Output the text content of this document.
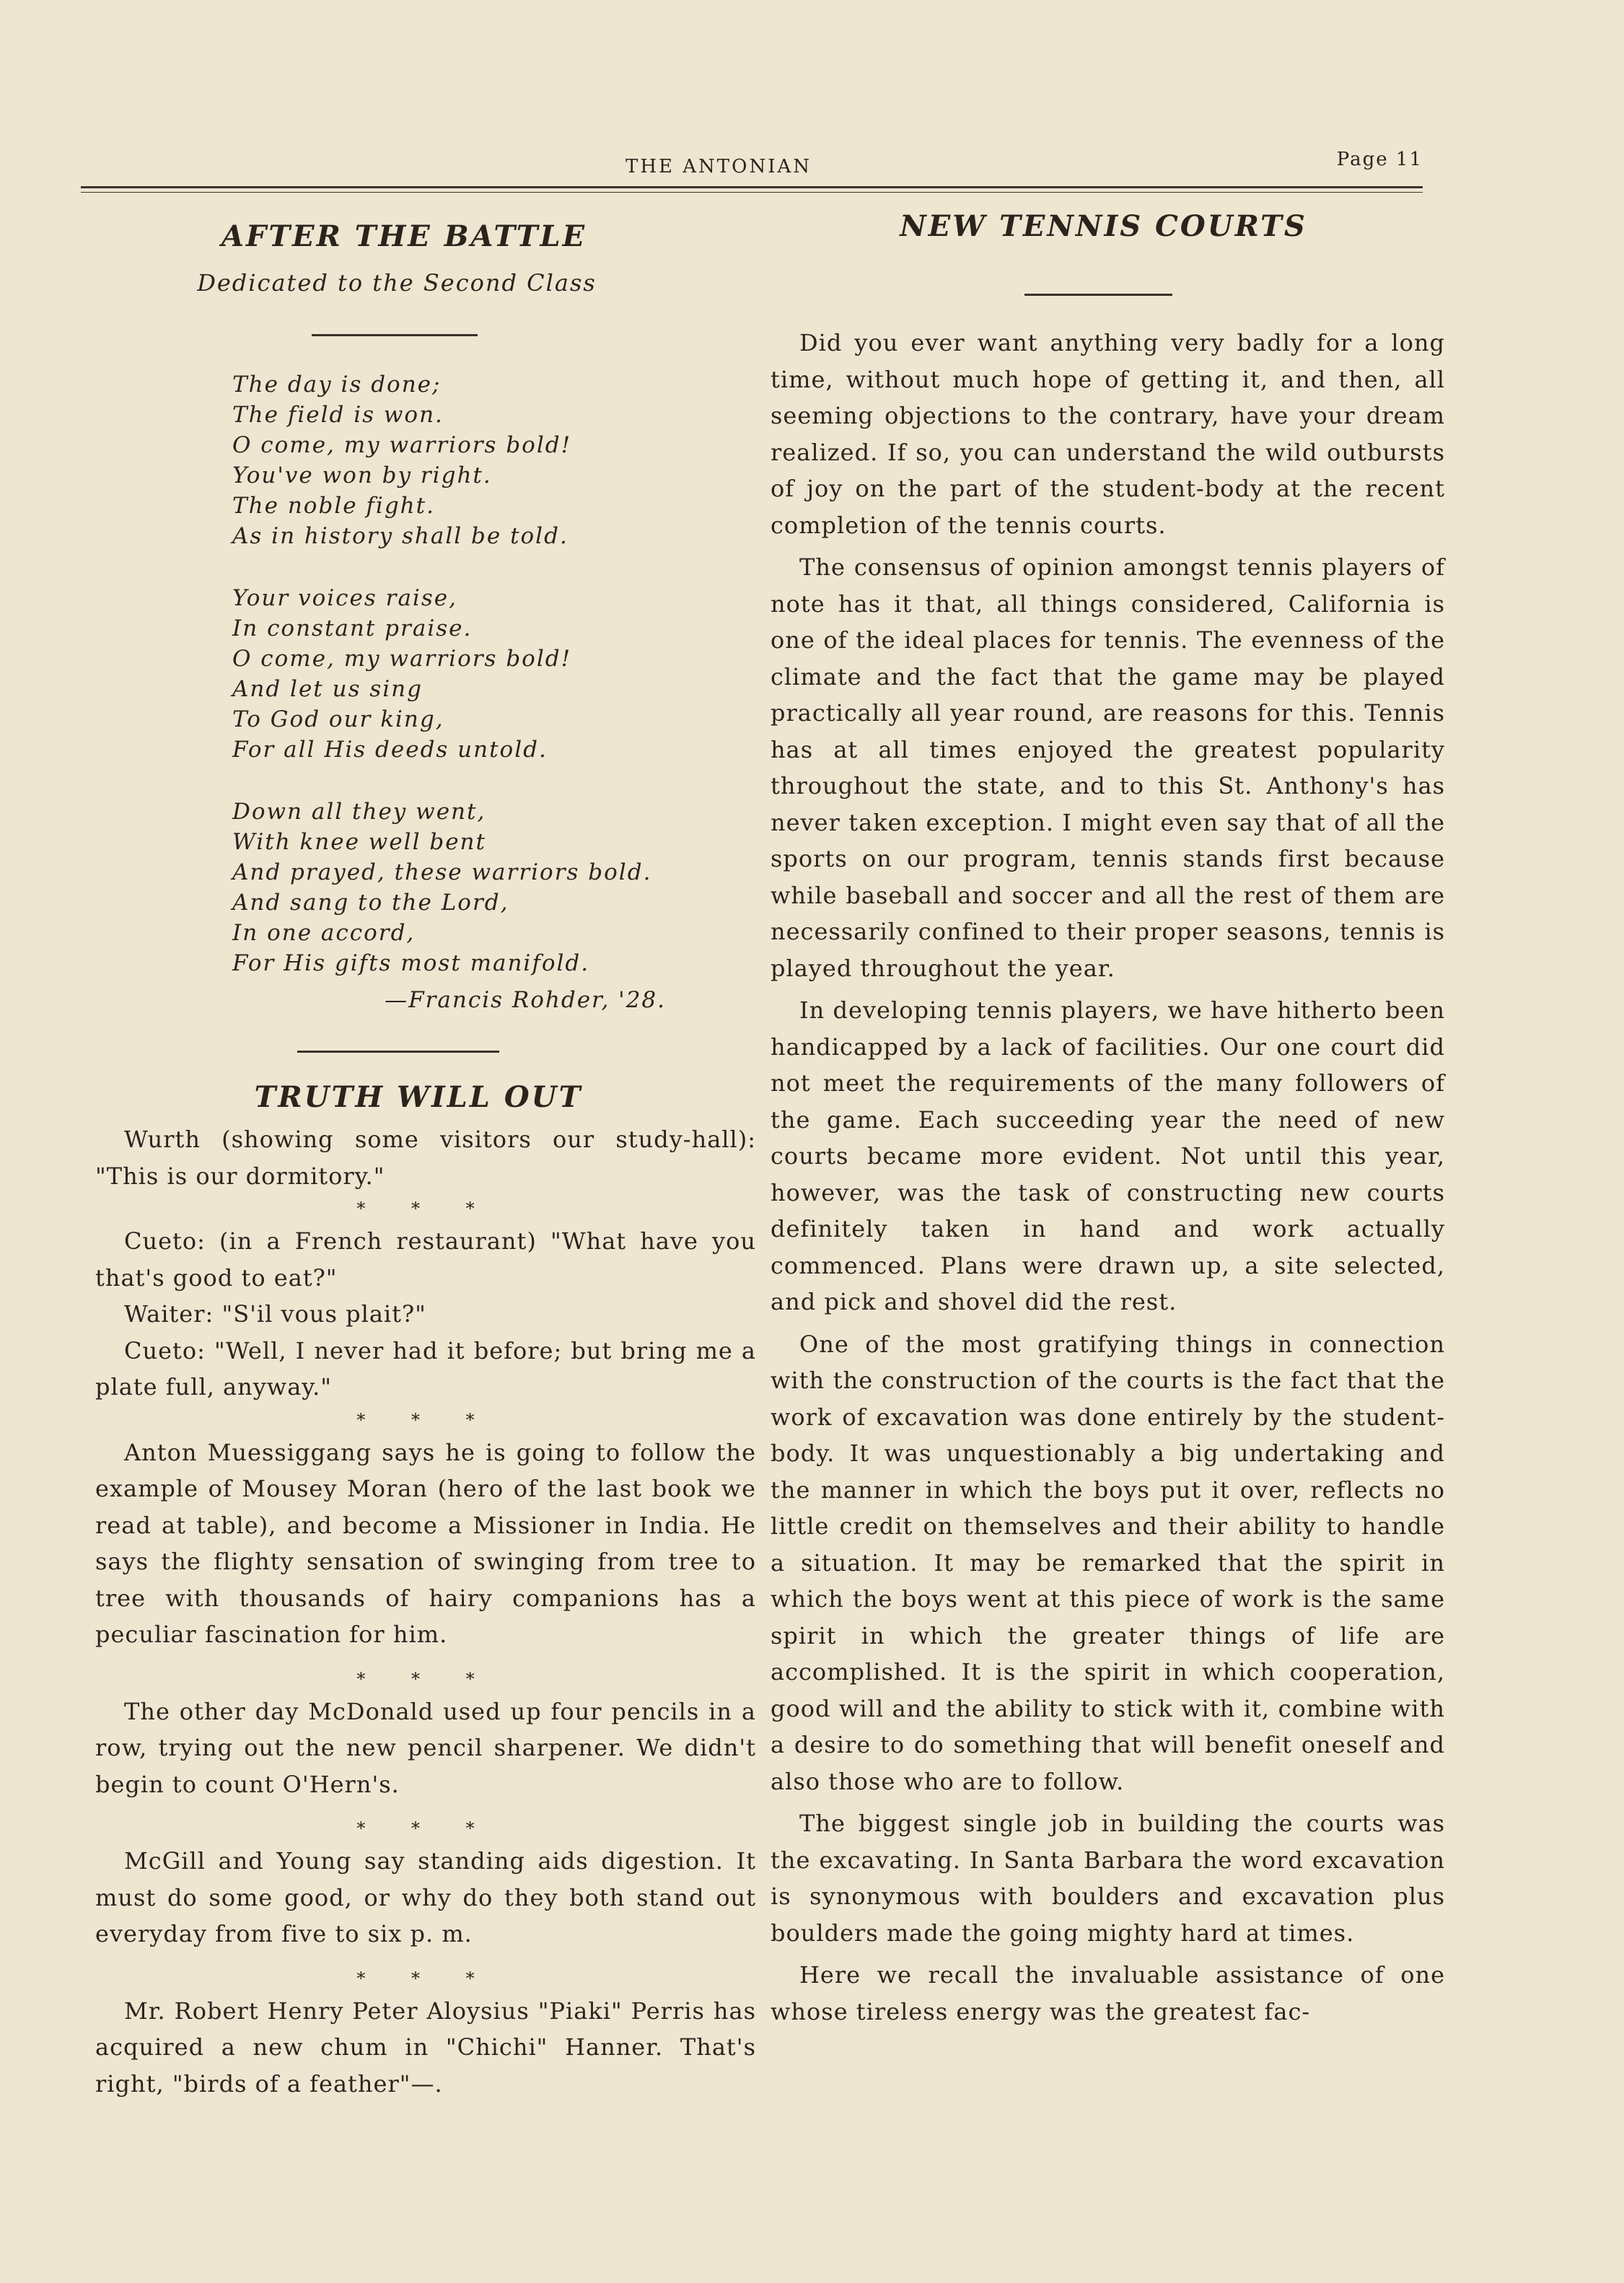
THE ANTONIAN	Page 11
AFTER THE BATTLE
Dedicated to the Second Class
The day is done;
The field is won.
O come, my warriors bold!
You've won by right.
The noble fight.
As in history shall be told.
Your voices raise,
In constant praise.
O come, my warriors bold!
And let us sing
To God our king,
For all His deeds untold.
Down all they went,
With knee well bent
And prayed, these warriors bold.
And sang to the Lord,
In one accord,
For His gifts most manifold.
—Francis Rohder, '28.
TRUTH WILL OUT

Wurth (showing some visitors our study-hall): "This is our dormitory."

* * *

Cueto: (in a French restaurant) "What have you that's good to eat?"

Waiter: "S'il vous plait?"

Cueto: "Well, I never had it before; but bring me a plate full, anyway."

* * *

Anton Muessiggang says he is going to follow the example of Mousey Moran (hero of the last book we read at table), and become a Missioner in India. He says the flighty sensation of swinging from tree to tree with thousands of hairy companions has a peculiar fascination for him.

* * *

The other day McDonald used up four pencils in a row, trying out the new pencil sharpener. We didn't begin to count O'Hern's.

* * *

McGill and Young say standing aids digestion. It must do some good, or why do they both stand out everyday from five to six p. m.

* * *

Mr. Robert Henry Peter Aloysius "Piaki" Perris has acquired a new chum in "Chichi" Hanner. That's right, "birds of a feather"—.

NEW TENNIS COURTS

Did you ever want anything very badly for a long time, without much hope of getting it, and then, all seeming objections to the contrary, have your dream realized. If so, you can understand the wild outbursts of joy on the part of the student-body at the recent completion of the tennis courts.

The consensus of opinion amongst tennis players of note has it that, all things considered, California is one of the ideal places for tennis. The evenness of the climate and the fact that the game may be played practically all year round, are reasons for this. Tennis has at all times enjoyed the greatest popularity throughout the state, and to this St. Anthony's has never taken exception. I might even say that of all the sports on our program, tennis stands first because while baseball and soccer and all the rest of them are necessarily confined to their proper seasons, tennis is played throughout the year.

In developing tennis players, we have hitherto been handicapped by a lack of facilities. Our one court did not meet the requirements of the many followers of the game. Each succeeding year the need of new courts became more evident. Not until this year, however, was the task of constructing new courts definitely taken in hand and work actually commenced. Plans were drawn up, a site selected, and pick and shovel did the rest.

One of the most gratifying things in connection with the construction of the courts is the fact that the work of excavation was done entirely by the student-body. It was unquestionably a big undertaking and the manner in which the boys put it over, reflects no little credit on themselves and their ability to handle a situation. It may be remarked that the spirit in which the boys went at this piece of work is the same spirit in which the greater things of life are accomplished. It is the spirit in which cooperation, good will and the ability to stick with it, combine with a desire to do something that will benefit oneself and also those who are to follow.

The biggest single job in building the courts was the excavating. In Santa Barbara the word excavation is synonymous with boulders and excavation plus boulders made the going mighty hard at times.

Here we recall the invaluable assistance of one whose tireless energy was the greatest fac-
